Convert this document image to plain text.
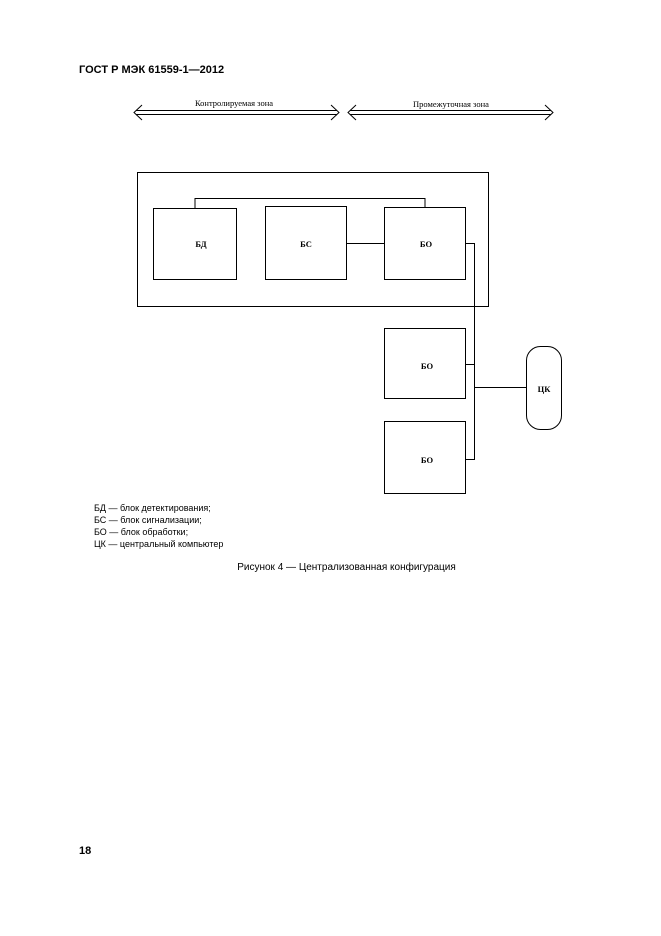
ГОСТ Р МЭК 61559-1—2012
Контролируемая зона	Промежуточная зона
БД	БС	БО
БО
БО
ЦК
БД — блок детектирования;
БС — блок сигнализации;
БО — блок обработки;
ЦК — центральный компьютер
Рисунок 4 — Централизованная конфигурация
18
